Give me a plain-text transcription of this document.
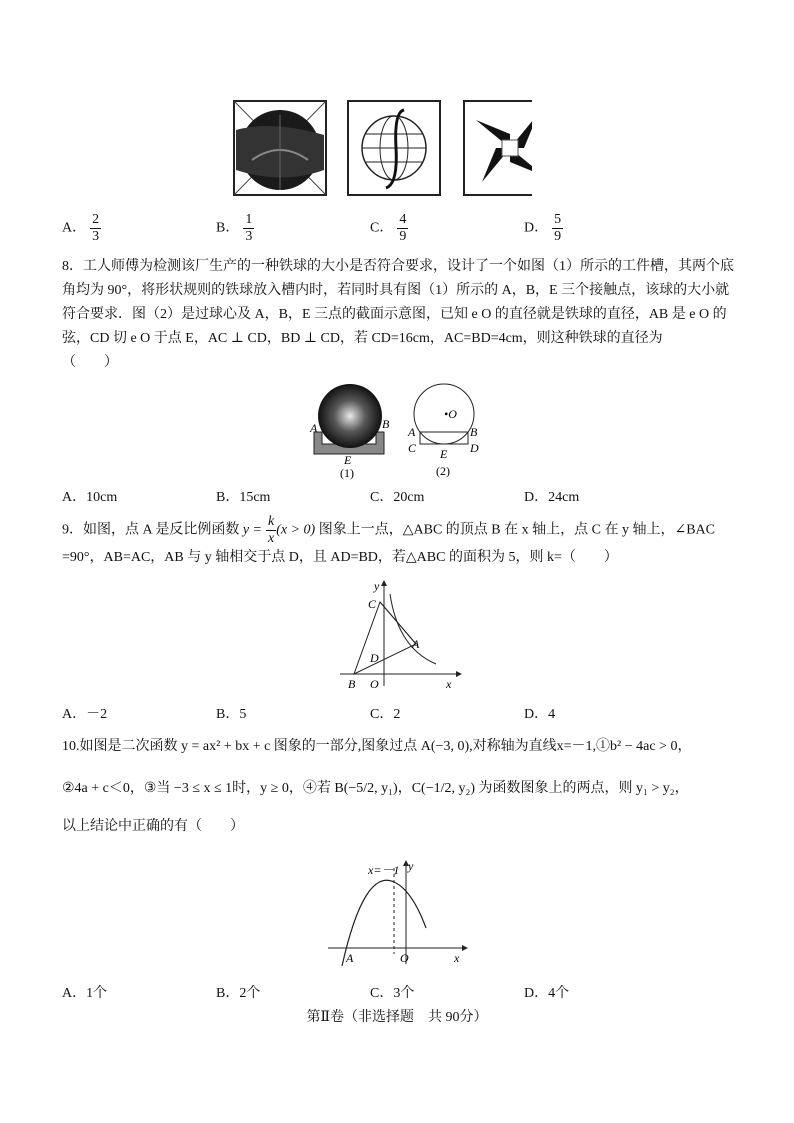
A． $\frac{2}{3}$	B． $\frac{1}{3}$	C． $\frac{4}{9}$	D． $\frac{5}{9}$
8．工人师傅为检测该厂生产的一种铁球的大小是否符合要求，设计了一个如图（1）所示的工件槽，其两个底
角均为 90°，将形状规则的铁球放入槽内时，若同时具有图（1）所示的 A，B，E 三个接触点，该球的大小就
符合要求．图（2）是过球心及 A，B，E 三点的截面示意图，已知 e O 的直径就是铁球的直径，AB 是 e O 的
弦，CD 切 e O 于点 E，AC ⊥ CD，BD ⊥ CD，若 CD=16cm，AC=BD=4cm，则这种铁球的直径为
（　　）
A	B
E
(1)
•O
A	B
C	D
E
(2)
A．10cm	B．15cm	C．20cm	D．24cm
9．如图，点 A 是反比例函数 $y = \frac{k}{x} (x > 0)$ 图象上一点，△ABC 的顶点 B 在 x 轴上，点 C 在 y 轴上，∠BAC
=90°，AB=AC，AB 与 y 轴相交于点 D，且 AD=BD，若△ABC 的面积为 5，则 k=（　　）
y
x
C
A
D
B O
A．－2	B．5	C．2	D．4
10.如图是二次函数 y = ax² + bx + c 图象的一部分,图象过点 A(−3, 0),对称轴为直线x=－1,①b² − 4ac > 0，
②4a + c＜0，③当 −3 ≤ x ≤ 1时，y ≥ 0，④若 B(−5/2, y₁)，C(−1/2, y₂) 为函数图象上的两点，则 y₁ > y₂，
以上结论中正确的有（　　）
x=－1 y
x
A	O
A．1个	B．2个	C．3个	D．4个
第Ⅱ卷（非选择题　共 90分）
